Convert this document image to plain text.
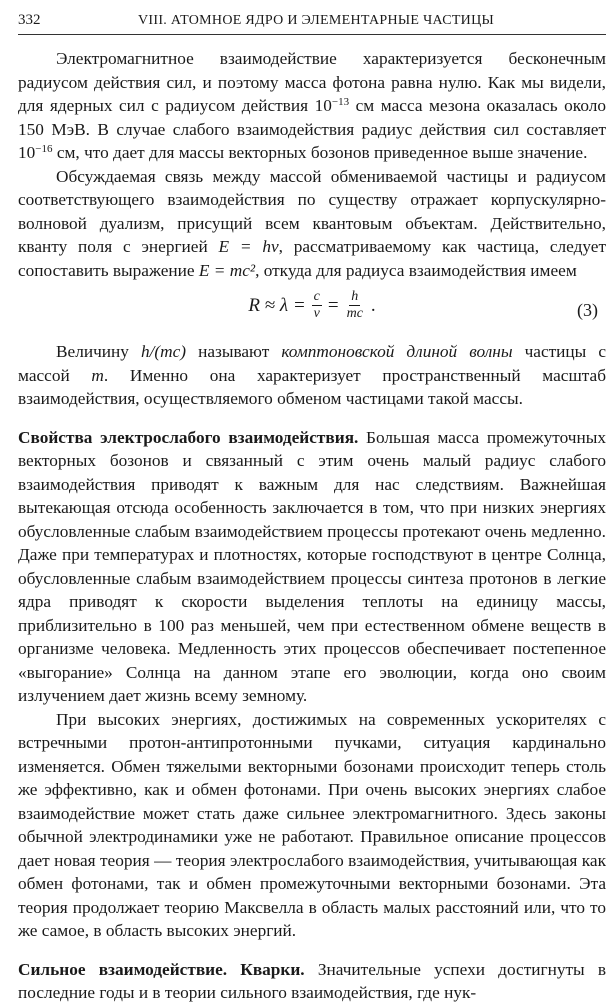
332	VIII. АТОМНОЕ ЯДРО И ЭЛЕМЕНТАРНЫЕ ЧАСТИЦЫ

Электромагнитное взаимодействие характеризуется бесконечным радиусом действия сил, и поэтому масса фотона равна нулю. Как мы видели, для ядерных сил с радиусом действия $10^{-13}$ см масса мезона оказалась около 150 МэВ. В случае слабого взаимодействия радиус действия сил составляет $10^{-16}$ см, что дает для массы векторных бозонов приведенное выше значение.

Обсуждаемая связь между массой обмениваемой частицы и радиусом соответствующего взаимодействия по существу отражает корпускулярно-волновой дуализм, присущий всем квантовым объектам. Действительно, кванту поля с энергией E = hν, рассматриваемому как частица, следует сопоставить выражение E = mc², откуда для радиуса взаимодействия имеем

$R \approx \lambda = \frac{c}{\nu} = \frac{h}{mc}$ .	(3)

Величину h/(mc) называют комптоновской длиной волны частицы с массой m. Именно она характеризует пространственный масштаб взаимодействия, осуществляемого обменом частицами такой массы.

Свойства электрослабого взаимодействия. Большая масса промежуточных векторных бозонов и связанный с этим очень малый радиус слабого взаимодействия приводят к важным для нас следствиям. Важнейшая вытекающая отсюда особенность заключается в том, что при низких энергиях обусловленные слабым взаимодействием процессы протекают очень медленно. Даже при температурах и плотностях, которые господствуют в центре Солнца, обусловленные слабым взаимодействием процессы синтеза протонов в легкие ядра приводят к скорости выделения теплоты на единицу массы, приблизительно в 100 раз меньшей, чем при естественном обмене веществ в организме человека. Медленность этих процессов обеспечивает постепенное «выгорание» Солнца на данном этапе его эволюции, когда оно своим излучением дает жизнь всему земному.

При высоких энергиях, достижимых на современных ускорителях с встречными протон-антипротонными пучками, ситуация кардинально изменяется. Обмен тяжелыми векторными бозонами происходит теперь столь же эффективно, как и обмен фотонами. При очень высоких энергиях слабое взаимодействие может стать даже сильнее электромагнитного. Здесь законы обычной электродинамики уже не работают. Правильное описание процессов дает новая теория — теория электрослабого взаимодействия, учитывающая как обмен фотонами, так и обмен промежуточными векторными бозонами. Эта теория продолжает теорию Максвелла в область малых расстояний или, что то же самое, в область высоких энергий.

Сильное взаимодействие. Кварки. Значительные успехи достигнуты в последние годы и в теории сильного взаимодействия, где нук-
